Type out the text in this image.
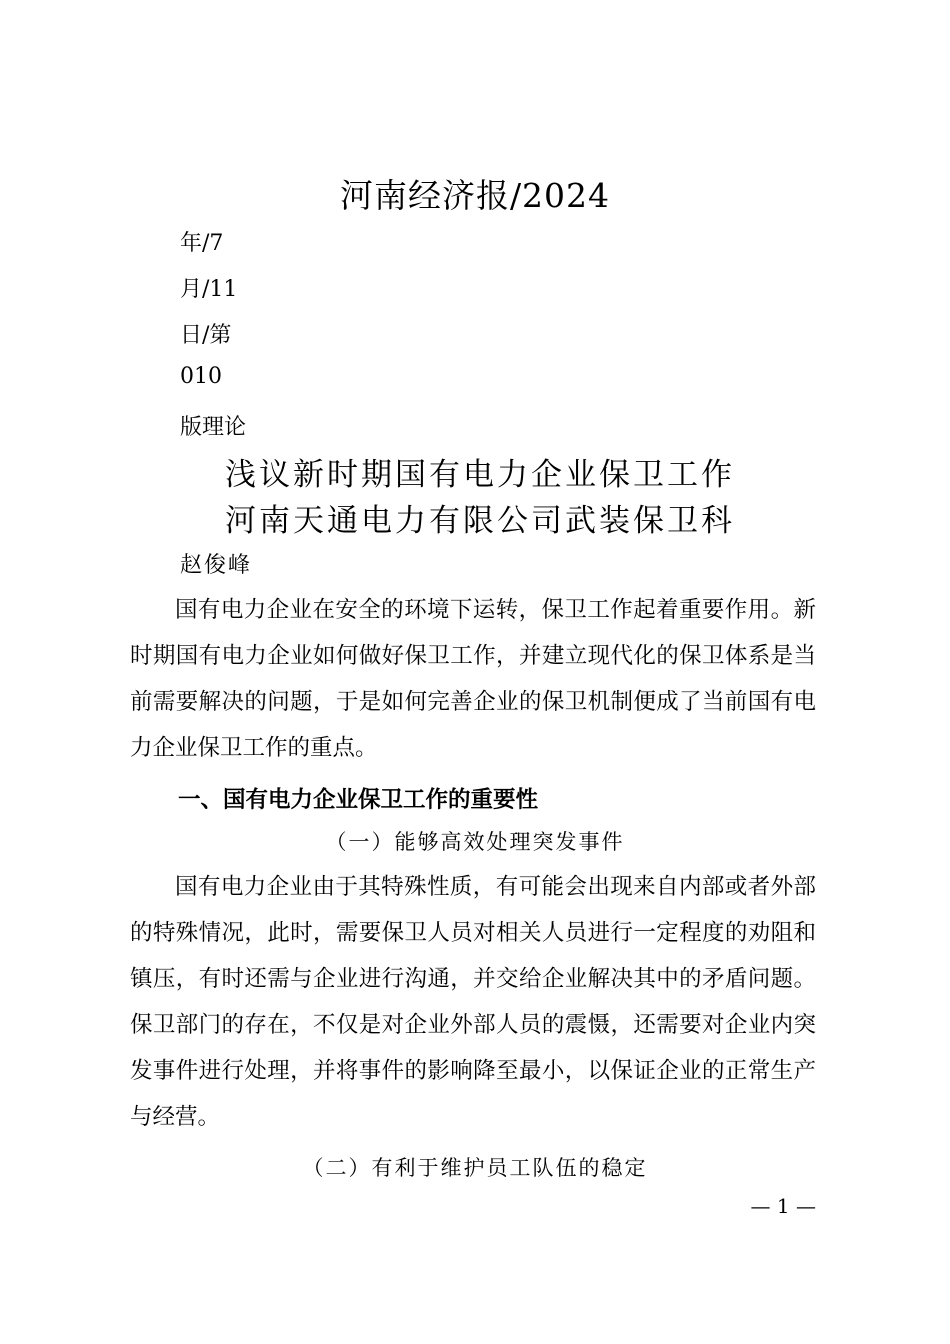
河南经济报/2024
年/7
月/11
日/第
010
版理论
浅议新时期国有电力企业保卫工作
河南天通电力有限公司武装保卫科
赵俊峰

国有电力企业在安全的环境下运转，保卫工作起着重要作用。新时期国有电力企业如何做好保卫工作，并建立现代化的保卫体系是当前需要解决的问题，于是如何完善企业的保卫机制便成了当前国有电力企业保卫工作的重点。

一、国有电力企业保卫工作的重要性
（一）能够高效处理突发事件

国有电力企业由于其特殊性质，有可能会出现来自内部或者外部的特殊情况，此时，需要保卫人员对相关人员进行一定程度的劝阻和镇压，有时还需与企业进行沟通，并交给企业解决其中的矛盾问题。保卫部门的存在，不仅是对企业外部人员的震慑，还需要对企业内突发事件进行处理，并将事件的影响降至最小，以保证企业的正常生产与经营。

（二）有利于维护员工队伍的稳定
— 1 —
